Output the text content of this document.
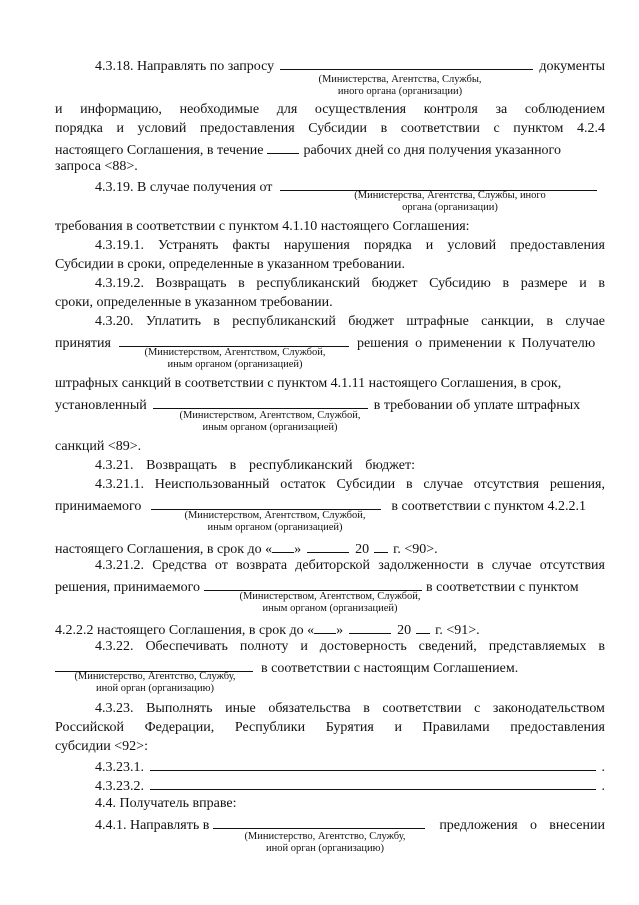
4.3.18. Направлять по запросу	документы
(Министерства, Агентства, Службы,
иного органа (организации)
и информацию, необходимые для осуществления контроля за соблюдением
порядка и условий предоставления Субсидии в соответствии с пунктом 4.2.4
настоящего Соглашения, в течение	рабочих дней со дня получения указанного
запроса <88>.
4.3.19. В случае получения от
(Министерства, Агентства, Службы, иного
органа (организации)
требования в соответствии с пунктом 4.1.10 настоящего Соглашения:
4.3.19.1. Устранять факты нарушения порядка и условий предоставления
Субсидии в сроки, определенные в указанном требовании.
4.3.19.2. Возвращать в республиканский бюджет Субсидию в размере и в
сроки, определенные в указанном требовании.
4.3.20. Уплатить в республиканский бюджет штрафные санкции, в случае
принятия	решения о применении к Получателю
(Министерством, Агентством, Службой,
иным органом (организацией)
штрафных санкций в соответствии с пунктом 4.1.11 настоящего Соглашения, в срок,
установленный	в требовании об уплате штрафных
(Министерством, Агентством, Службой,
иным органом (организацией)
санкций <89>.
4.3.21. Возвращать в республиканский бюджет:
4.3.21.1. Неиспользованный остаток Субсидии в случае отсутствия решения,
принимаемого	в соответствии с пунктом 4.2.2.1
(Министерством, Агентством, Службой,
иным органом (организацией)
настоящего Соглашения, в срок до « »	20 г. <90>.
4.3.21.2. Средства от возврата дебиторской задолженности в случае отсутствия
решения, принимаемого	в соответствии с пунктом
(Министерством, Агентством, Службой,
иным органом (организацией)
4.2.2.2 настоящего Соглашения, в срок до « »	20 г. <91>.
4.3.22. Обеспечивать полноту и достоверность сведений, представляемых в
в соответствии с настоящим Соглашением.
(Министерство, Агентство, Службу,
иной орган (организацию)
4.3.23. Выполнять иные обязательства в соответствии с законодательством
Российской Федерации, Республики Бурятия и Правилами предоставления
субсидии <92>:
4.3.23.1.	.
4.3.23.2.	.
4.4. Получатель вправе:
4.4.1. Направлять в	предложения о внесении
(Министерство, Агентство, Службу,
иной орган (организацию)
